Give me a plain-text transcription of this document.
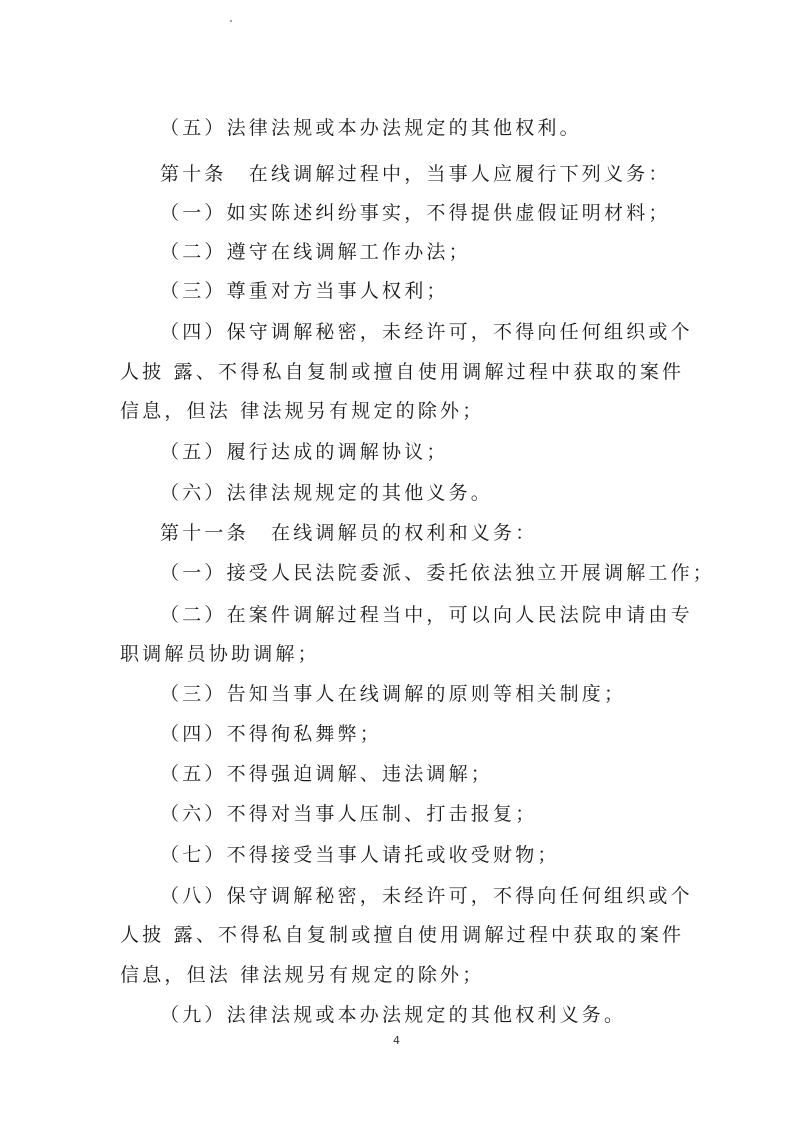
（五）法律法规或本办法规定的其他权利。
第十条　在线调解过程中，当事人应履行下列义务：
（一）如实陈述纠纷事实，不得提供虚假证明材料；
（二）遵守在线调解工作办法；
（三）尊重对方当事人权利；
（四）保守调解秘密，未经许可，不得向任何组织或个
人披 露、不得私自复制或擅自使用调解过程中获取的案件
信息，但法 律法规另有规定的除外；
（五）履行达成的调解协议；
（六）法律法规规定的其他义务。
第十一条　在线调解员的权利和义务：
（一）接受人民法院委派、委托依法独立开展调解工作；
（二）在案件调解过程当中，可以向人民法院申请由专
职调解员协助调解；
（三）告知当事人在线调解的原则等相关制度；
（四）不得徇私舞弊；
（五）不得强迫调解、违法调解；
（六）不得对当事人压制、打击报复；
（七）不得接受当事人请托或收受财物；
（八）保守调解秘密，未经许可，不得向任何组织或个
人披 露、不得私自复制或擅自使用调解过程中获取的案件
信息，但法 律法规另有规定的除外；
（九）法律法规或本办法规定的其他权利义务。
4
